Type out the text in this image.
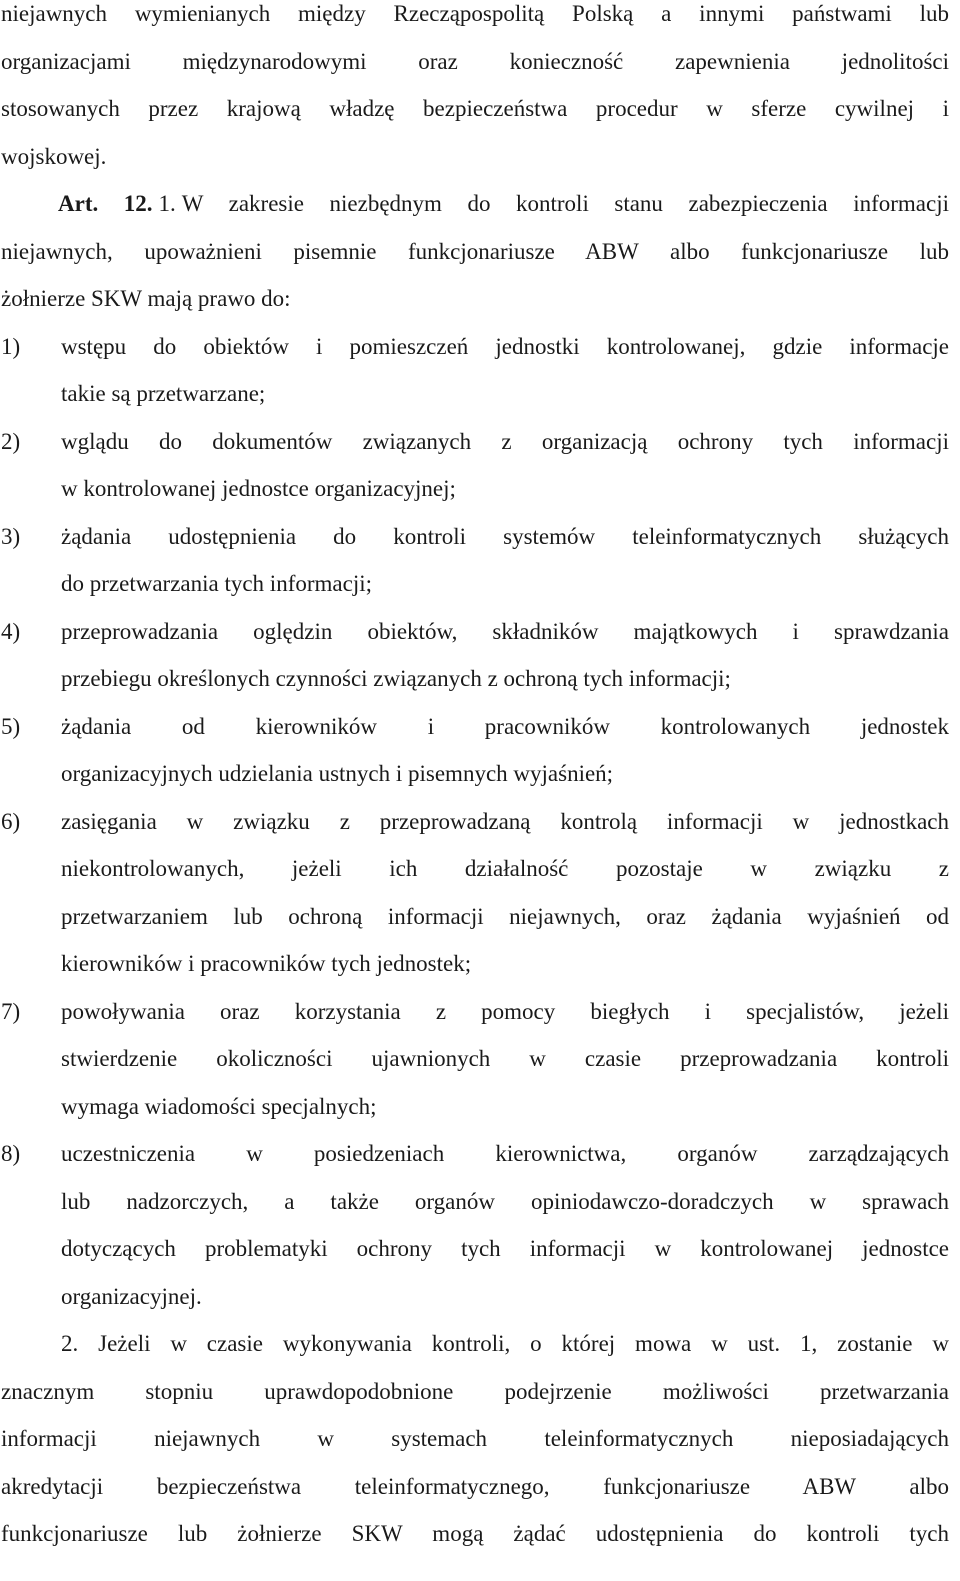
niejawnych wymienianych między Rzecząpospolitą Polską a innymi państwami lub
organizacjami międzynarodowymi oraz konieczność zapewnienia jednolitości
stosowanych przez krajową władzę bezpieczeństwa procedur w sferze cywilnej i
wojskowej.
Art. 12. 1. W zakresie niezbędnym do kontroli stanu zabezpieczenia informacji
niejawnych, upoważnieni pisemnie funkcjonariusze ABW albo funkcjonariusze lub
żołnierze SKW mają prawo do:
1) wstępu do obiektów i pomieszczeń jednostki kontrolowanej, gdzie informacje
takie są przetwarzane;
2) wglądu do dokumentów związanych z organizacją ochrony tych informacji
w kontrolowanej jednostce organizacyjnej;
3) żądania udostępnienia do kontroli systemów teleinformatycznych służących
do przetwarzania tych informacji;
4) przeprowadzania oględzin obiektów, składników majątkowych i sprawdzania
przebiegu określonych czynności związanych z ochroną tych informacji;
5) żądania od kierowników i pracowników kontrolowanych jednostek
organizacyjnych udzielania ustnych i pisemnych wyjaśnień;
6) zasięgania w związku z przeprowadzaną kontrolą informacji w jednostkach
niekontrolowanych, jeżeli ich działalność pozostaje w związku z
przetwarzaniem lub ochroną informacji niejawnych, oraz żądania wyjaśnień od
kierowników i pracowników tych jednostek;
7) powoływania oraz korzystania z pomocy biegłych i specjalistów, jeżeli
stwierdzenie okoliczności ujawnionych w czasie przeprowadzania kontroli
wymaga wiadomości specjalnych;
8) uczestniczenia w posiedzeniach kierownictwa, organów zarządzających
lub nadzorczych, a także organów opiniodawczo-doradczych w sprawach
dotyczących problematyki ochrony tych informacji w kontrolowanej jednostce
organizacyjnej.
2. Jeżeli w czasie wykonywania kontroli, o której mowa w ust. 1, zostanie w
znacznym stopniu uprawdopodobnione podejrzenie możliwości przetwarzania
informacji niejawnych w systemach teleinformatycznych nieposiadających
akredytacji bezpieczeństwa teleinformatycznego, funkcjonariusze ABW albo
funkcjonariusze lub żołnierze SKW mogą żądać udostępnienia do kontroli tych
